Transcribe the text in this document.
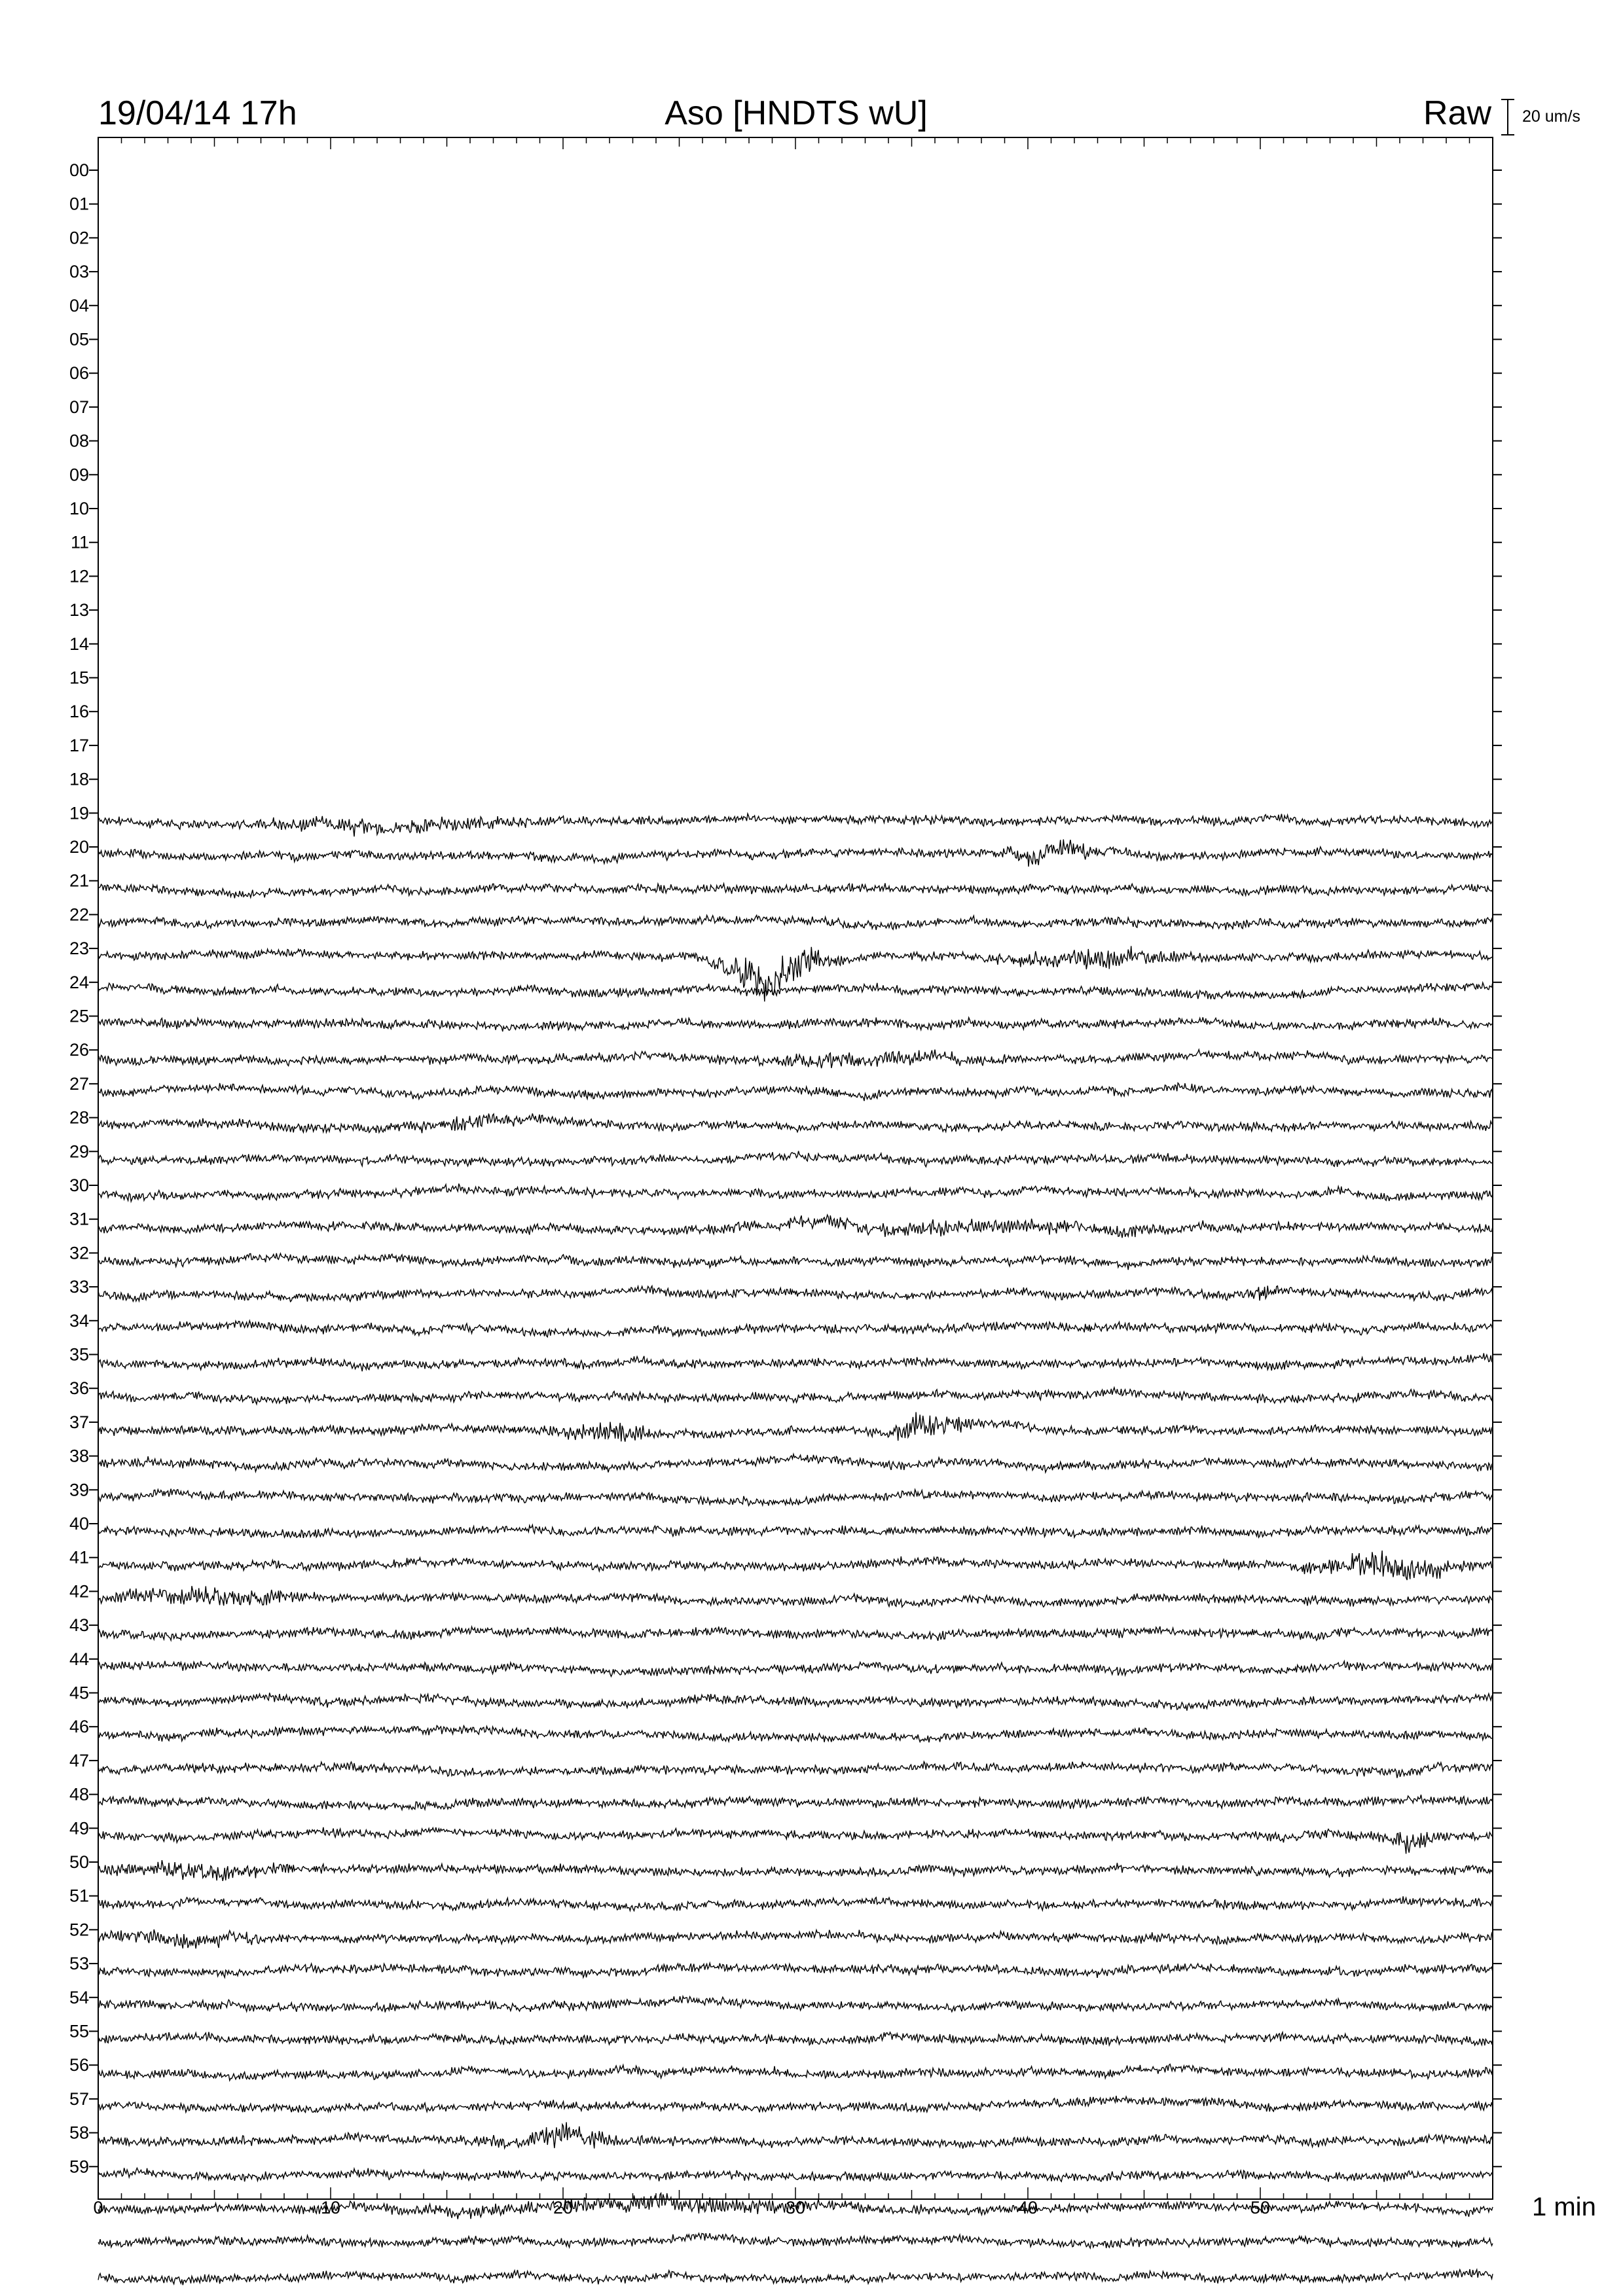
19/04/14 17h	Aso [HNDTS wU]	Raw 20 um/s
1 min
00
01
02
03
04
05
06
07
08
09
10
11
12
13
14
15
16
17
18
19
20
21
22
23
24
25
26
27
28
29
30
31
32
33
34
35
36
37
38
39
40
41
42
43
44
45
46
47
48
49
50
51
52
53
54
55
56
57
58
59
0	10	20	30	40	50
